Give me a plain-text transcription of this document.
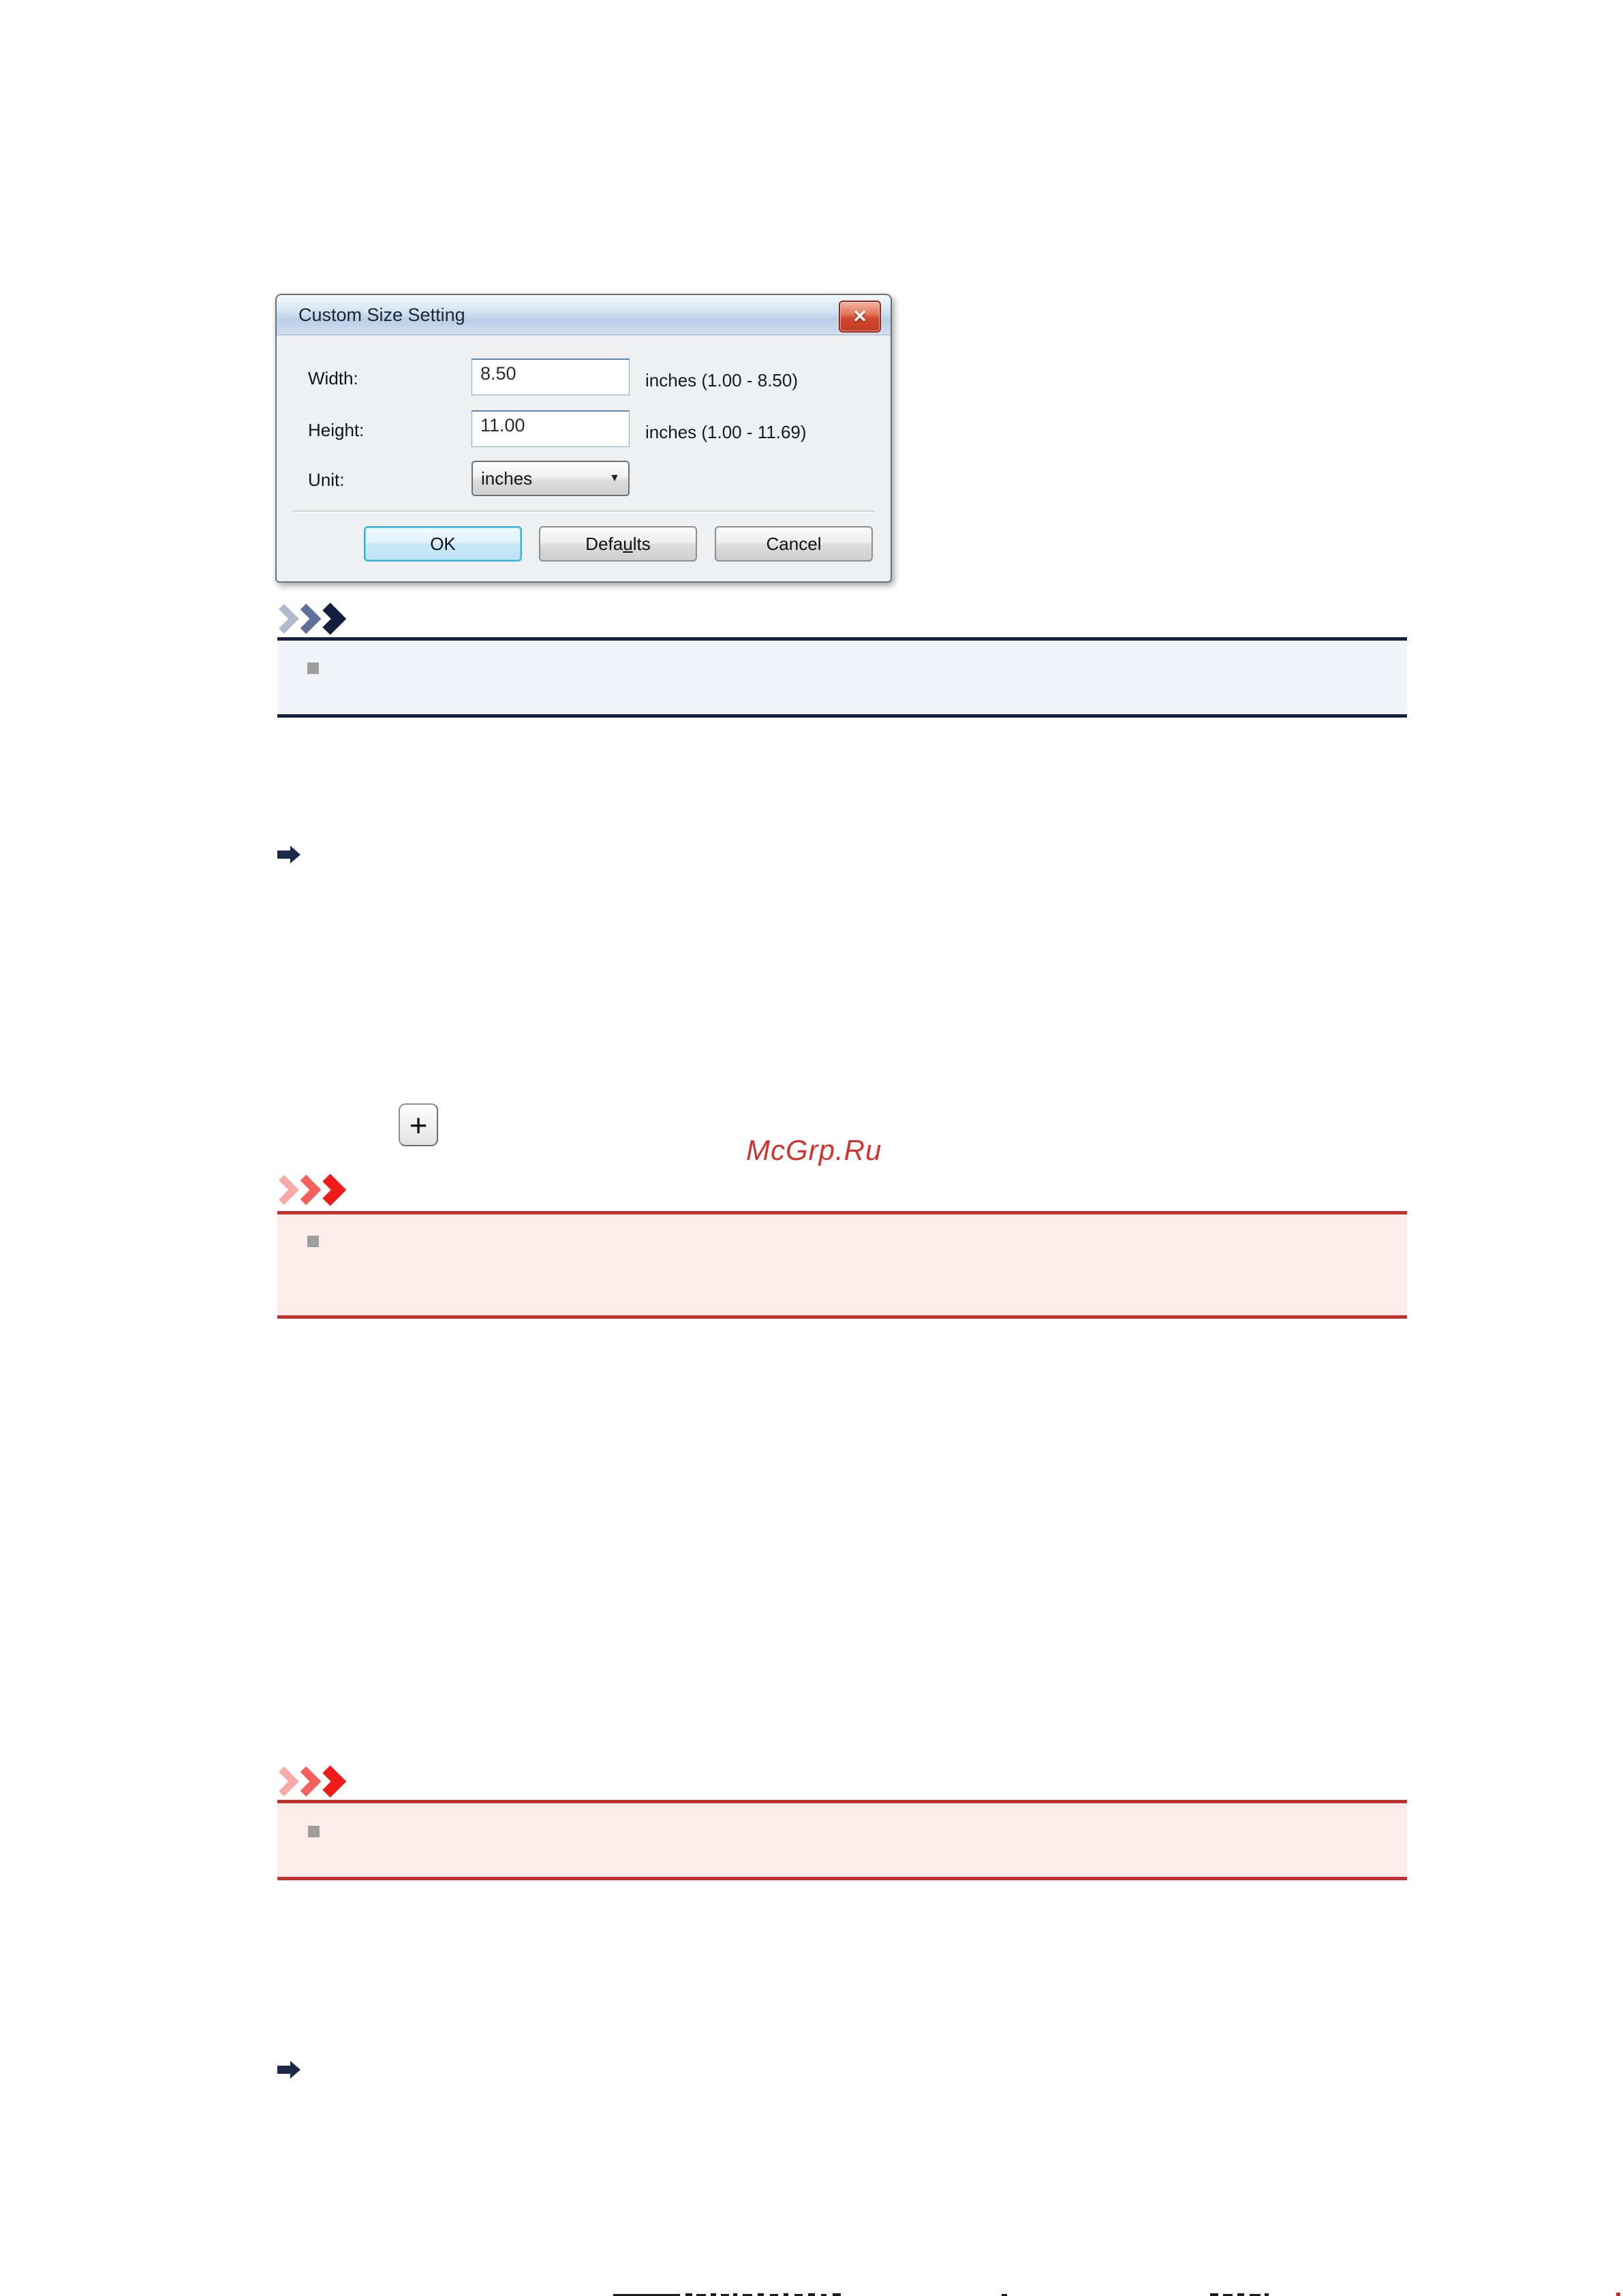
Custom Size Setting	✕
Width:
8.50	inches (1.00 - 8.50)
Height:
11.00	inches (1.00 - 11.69)
Unit:	inches	▼
OK	Defaults	Cancel
+
McGrp.Ru
